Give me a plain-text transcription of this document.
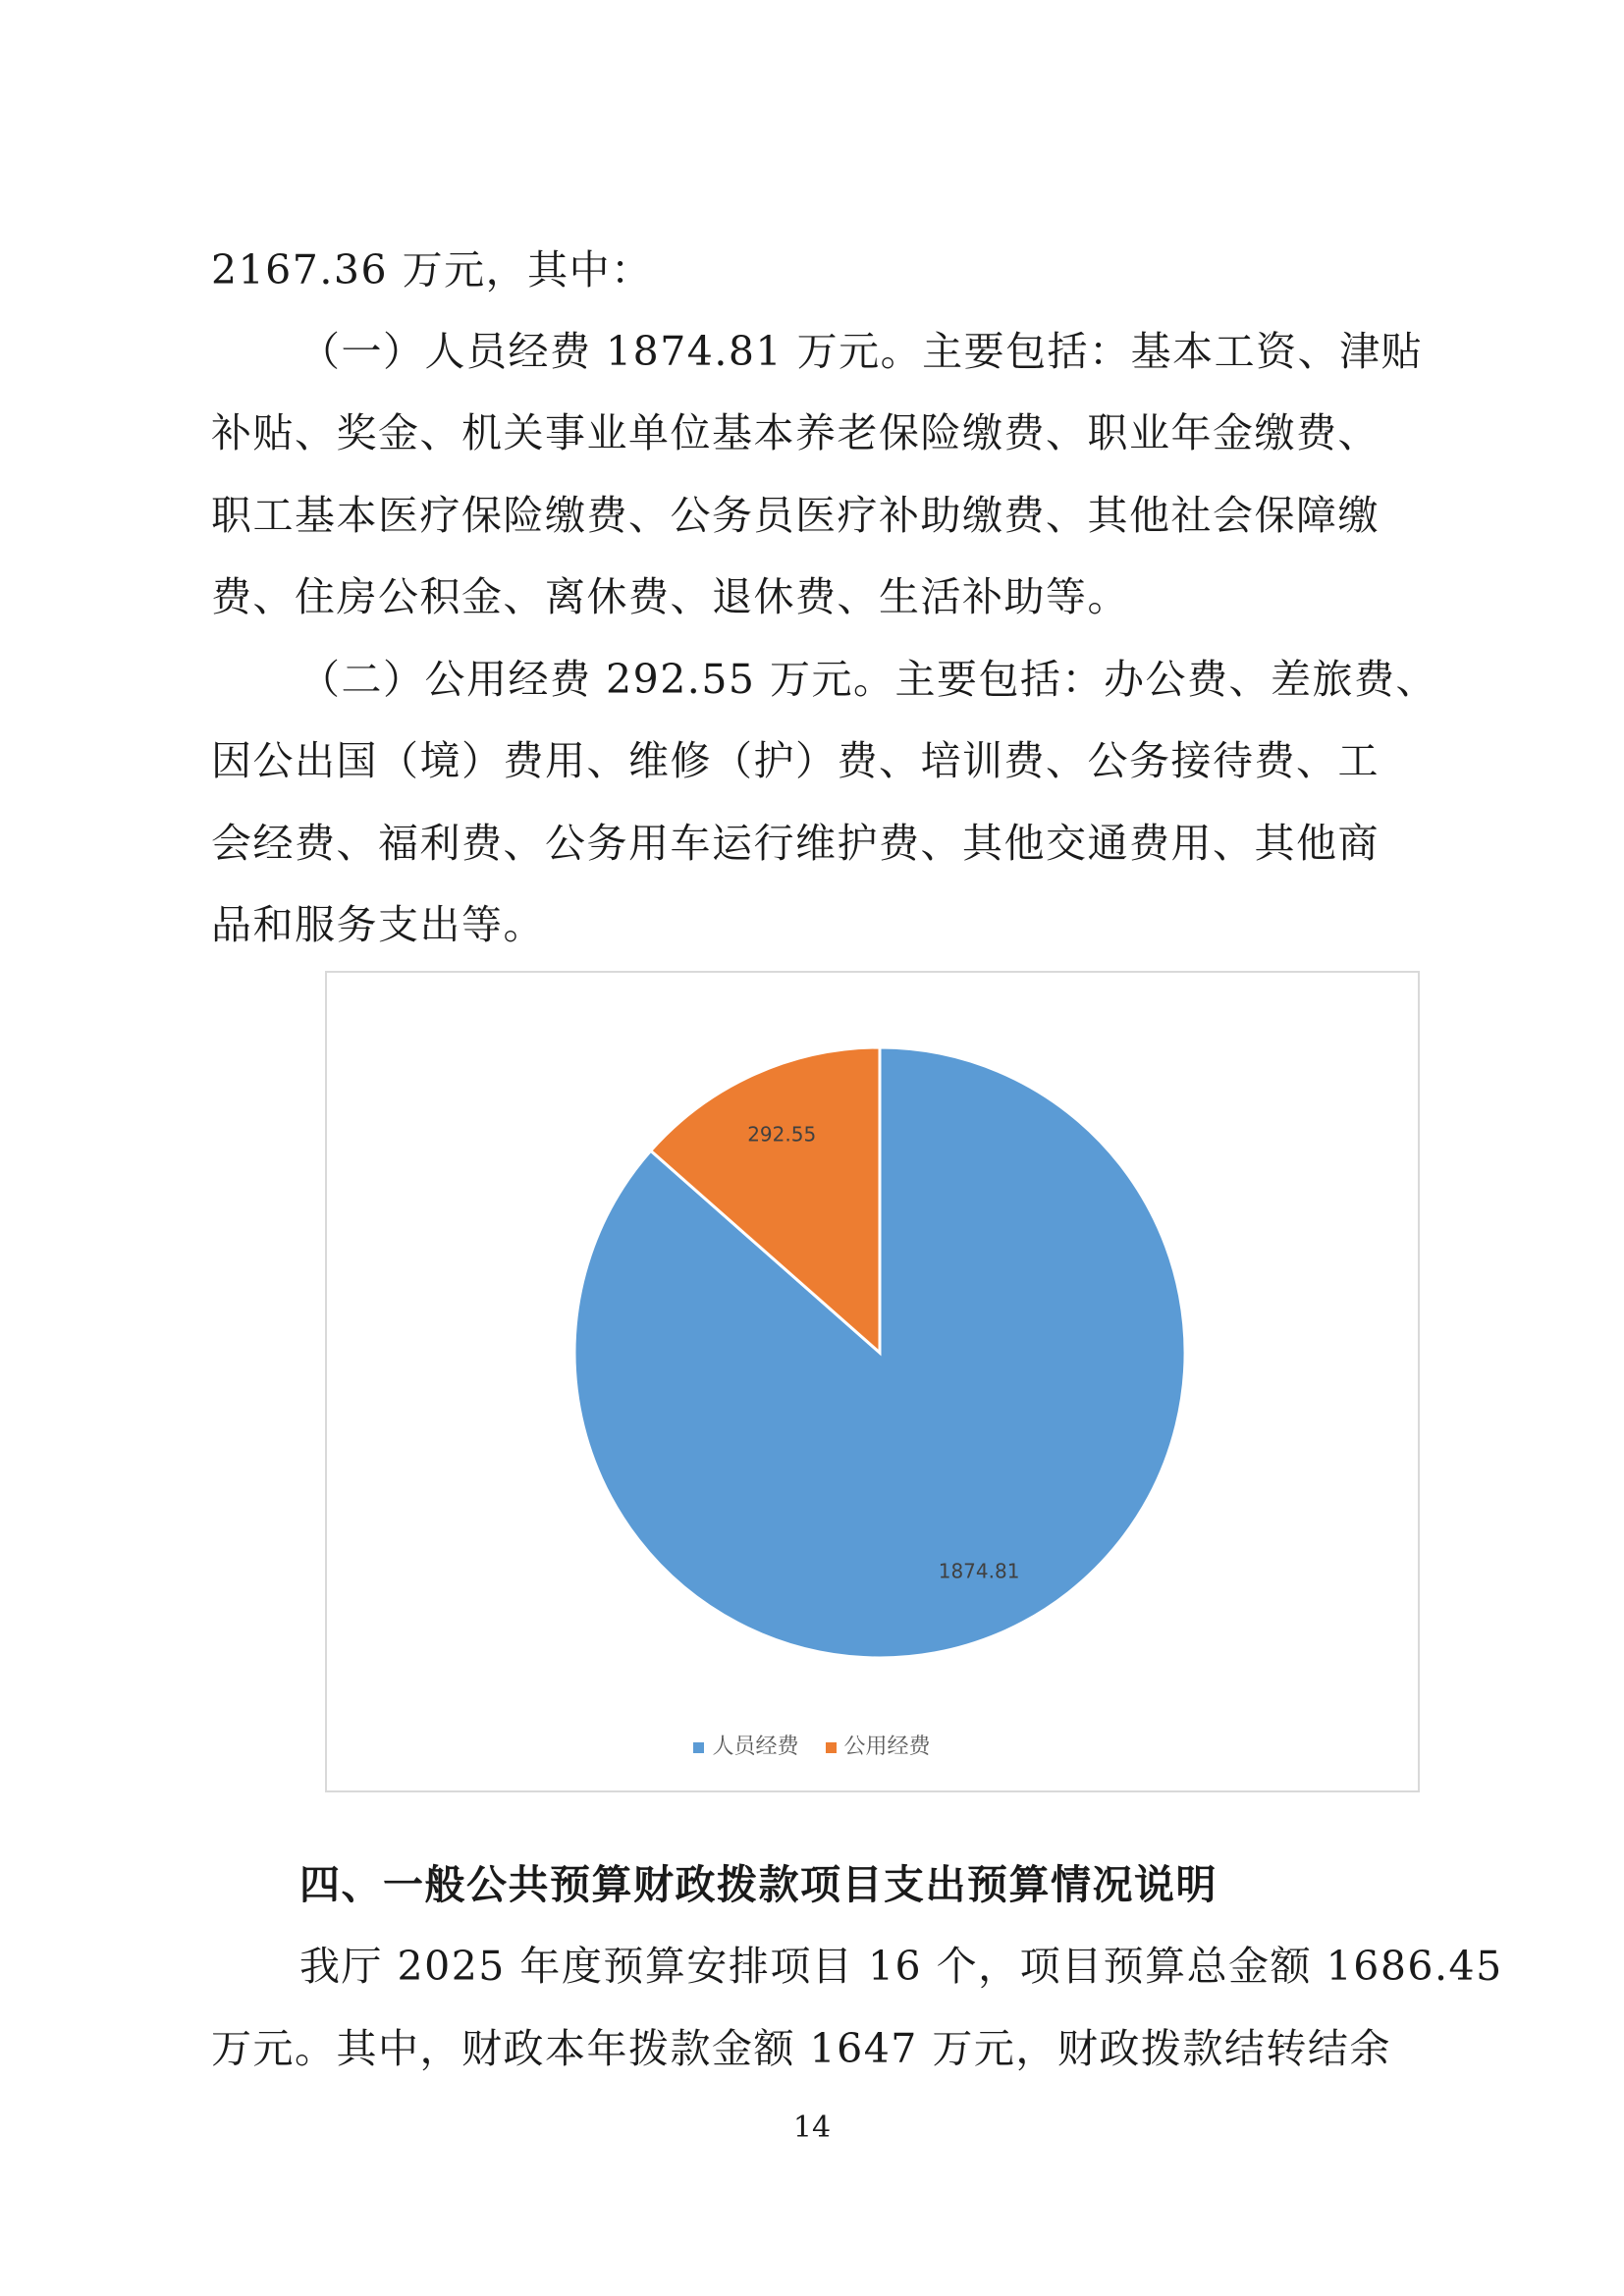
2167.36 万元，其中：

（一）人员经费 1874.81 万元。主要包括：基本工资、津贴

补贴、奖金、机关事业单位基本养老保险缴费、职业年金缴费、

职工基本医疗保险缴费、公务员医疗补助缴费、其他社会保障缴

费、住房公积金、离休费、退休费、生活补助等。

（二）公用经费 292.55 万元。主要包括：办公费、差旅费、

因公出国（境）费用、维修（护）费、培训费、公务接待费、工

会经费、福利费、公务用车运行维护费、其他交通费用、其他商

品和服务支出等。

1874.81
292.55
人员经费 公用经费
四、一般公共预算财政拨款项目支出预算情况说明

我厅 2025 年度预算安排项目 16 个，项目预算总金额 1686.45

万元。其中，财政本年拨款金额 1647 万元，财政拨款结转结余

14
